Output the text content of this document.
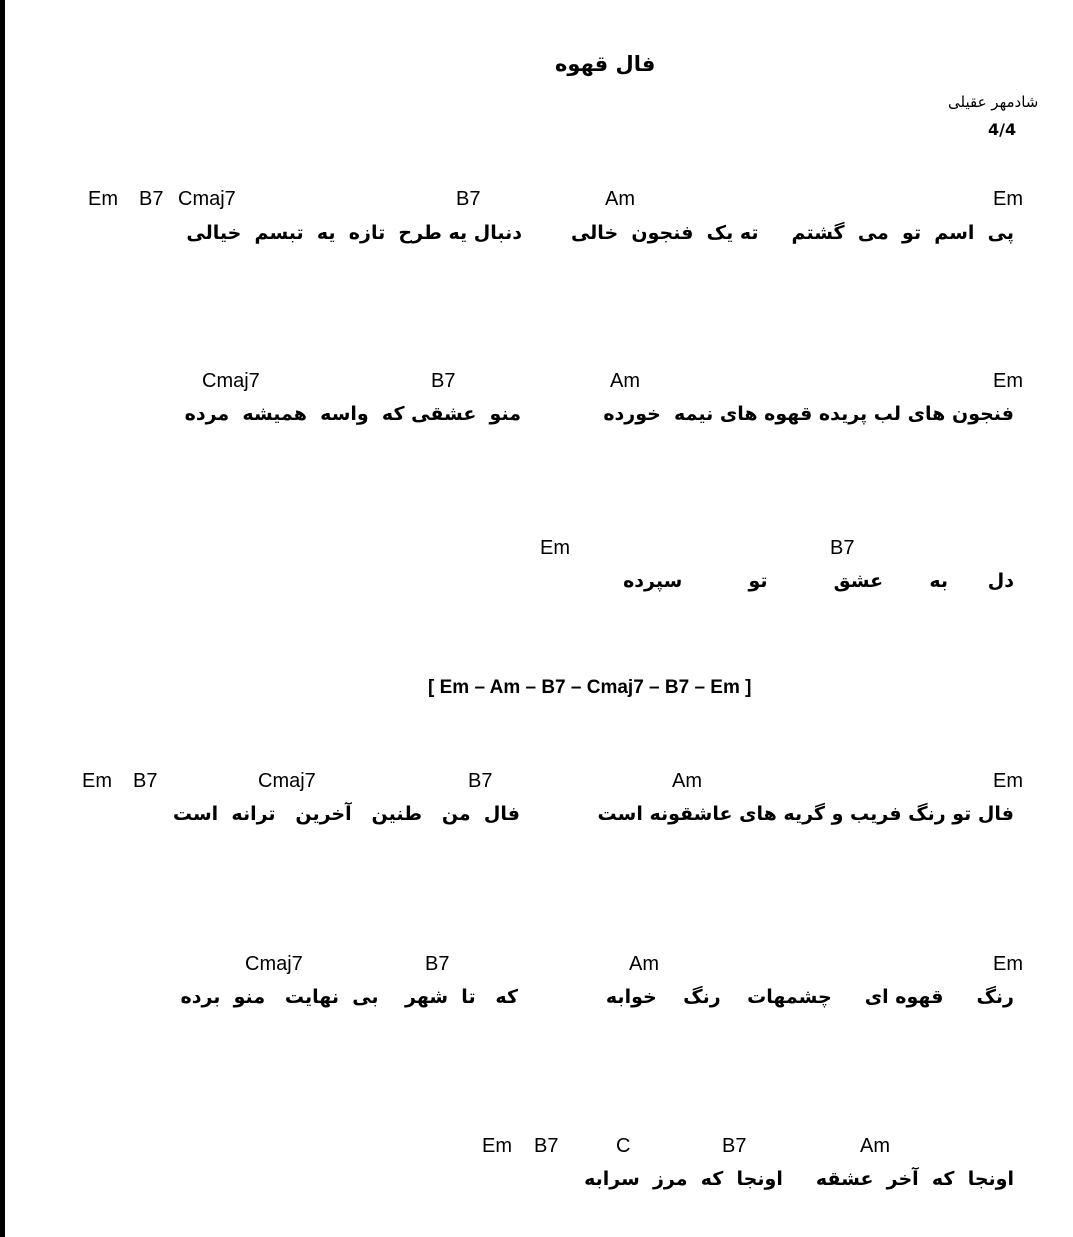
فال قهوه
شادمهر عقیلی
4/4
Em B7 Cmaj7	B7	Am	Em
دنبال یه طرح  تازه  یه  تبسم  خیالی	پی  اسم  تو  می  گشتم     ته یک  فنجون  خالی
Cmaj7	B7	Am	Em
منو  عشقی که  واسه  همیشه  مرده	فنجون های لب پریده قهوه های نیمه  خورده
Em	B7
دل      به       عشق          تو          سپرده
[ Em – Am – B7 – Cmaj7 – B7 – Em ]
Em B7	Cmaj7	B7	Am	Em
فال  من   طنین   آخرین   ترانه  است	فال تو رنگ فریب و گریه های عاشقونه است
Cmaj7	B7	Am	Em
که   تا  شهر    بی  نهایت   منو  برده	رنگ     قهوه ای     چشمهات    رنگ    خوابه
Em B7	C	B7	Am
اونجا  که  آخر  عشقه     اونجا  که  مرز  سرابه
